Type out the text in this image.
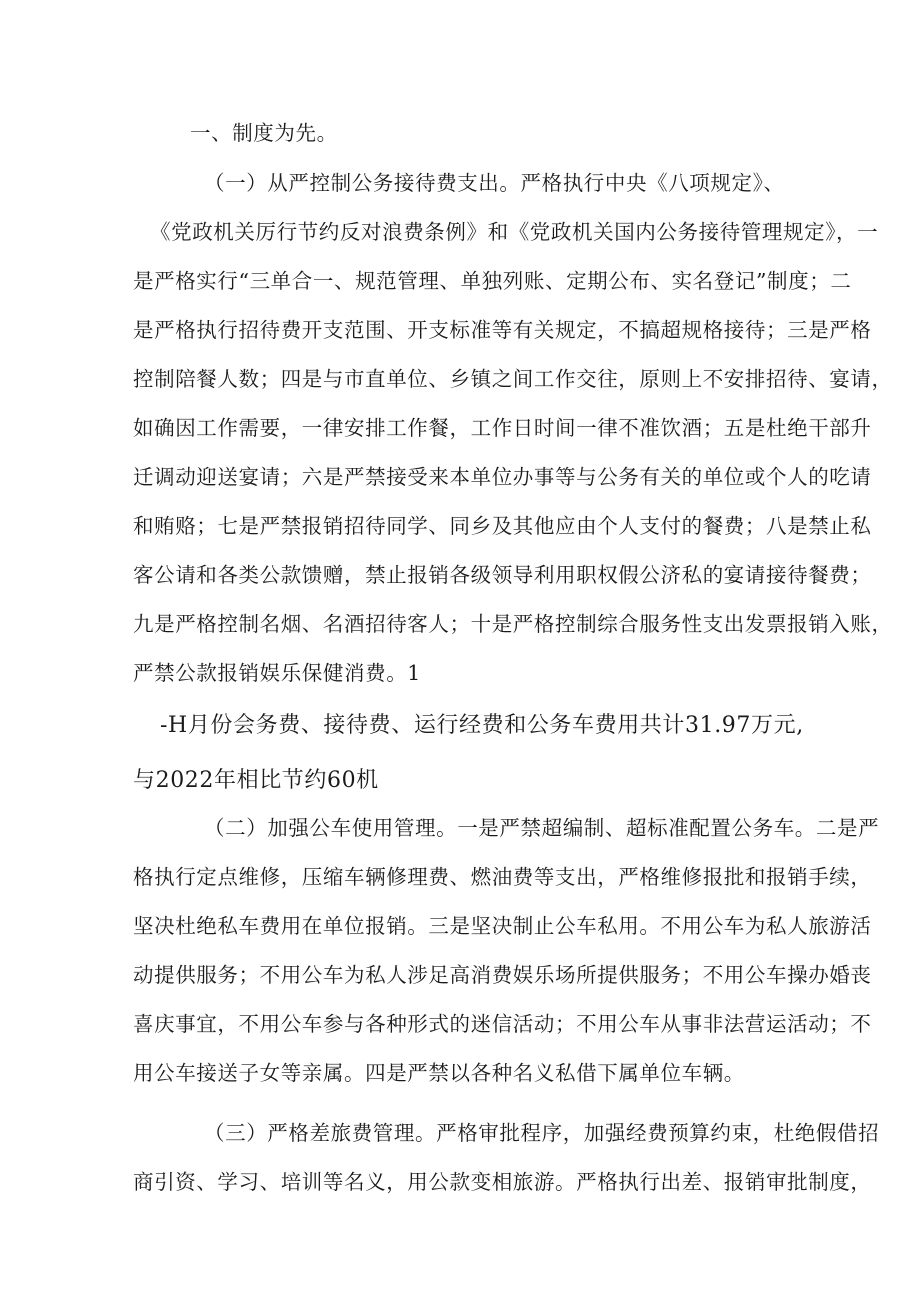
一、制度为先。
（一）从严控制公务接待费支出。严格执行中央《八项规定》、
《党政机关厉行节约反对浪费条例》和《党政机关国内公务接待管理规定》，一
是严格实行“三单合一、规范管理、单独列账、定期公布、实名登记”制度；二
是严格执行招待费开支范围、开支标准等有关规定，不搞超规格接待；三是严格
控制陪餐人数；四是与市直单位、乡镇之间工作交往，原则上不安排招待、宴请，
如确因工作需要，一律安排工作餐，工作日时间一律不准饮酒；五是杜绝干部升
迁调动迎送宴请；六是严禁接受来本单位办事等与公务有关的单位或个人的吃请
和贿赂；七是严禁报销招待同学、同乡及其他应由个人支付的餐费；八是禁止私
客公请和各类公款馈赠，禁止报销各级领导利用职权假公济私的宴请接待餐费；
九是严格控制名烟、名酒招待客人；十是严格控制综合服务性支出发票报销入账，
严禁公款报销娱乐保健消费。1
-H月份会务费、接待费、运行经费和公务车费用共计31.97万元,
与2022年相比节约60机
（二）加强公车使用管理。一是严禁超编制、超标准配置公务车。二是严
格执行定点维修，压缩车辆修理费、燃油费等支出，严格维修报批和报销手续，
坚决杜绝私车费用在单位报销。三是坚决制止公车私用。不用公车为私人旅游活
动提供服务；不用公车为私人涉足高消费娱乐场所提供服务；不用公车操办婚丧
喜庆事宜，不用公车参与各种形式的迷信活动；不用公车从事非法营运活动；不
用公车接送子女等亲属。四是严禁以各种名义私借下属单位车辆。
（三）严格差旅费管理。严格审批程序，加强经费预算约束，杜绝假借招
商引资、学习、培训等名义，用公款变相旅游。严格执行出差、报销审批制度，
